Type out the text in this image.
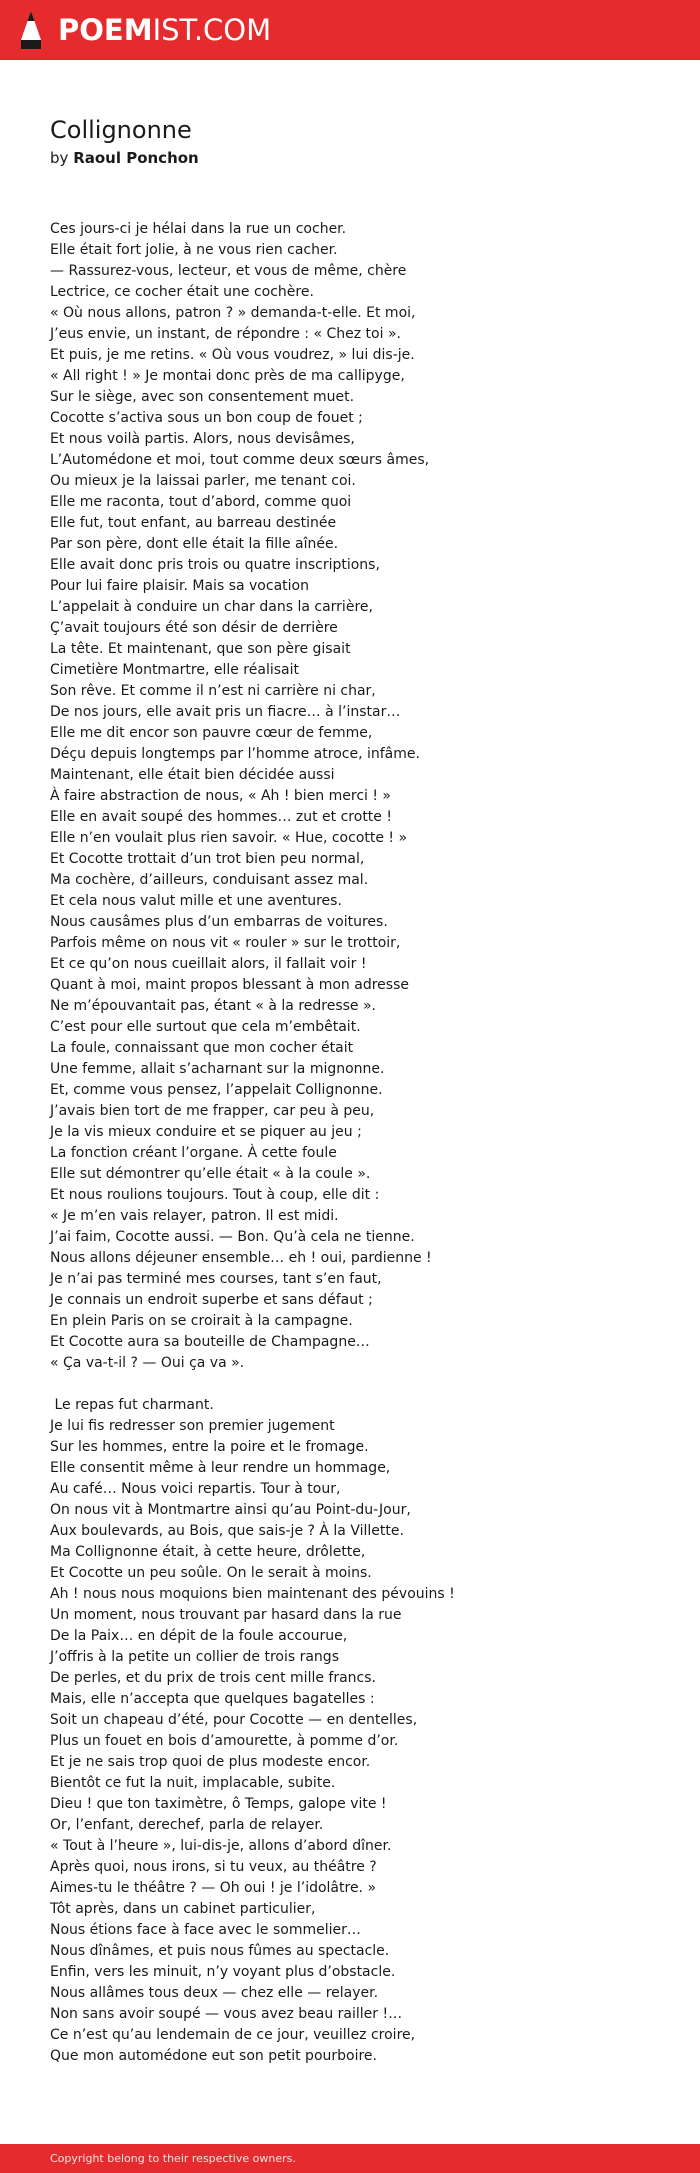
POEMIST.COM
Collignonne
by Raoul Ponchon
Ces jours-ci je hélai dans la rue un cocher.
Elle était fort jolie, à ne vous rien cacher.
— Rassurez-vous, lecteur, et vous de même, chère
Lectrice, ce cocher était une cochère.
« Où nous allons, patron ? » demanda-t-elle. Et moi,
J’eus envie, un instant, de répondre : « Chez toi ».
Et puis, je me retins. « Où vous voudrez, » lui dis-je.
« All right ! » Je montai donc près de ma callipyge,
Sur le siège, avec son consentement muet.
Cocotte s’activa sous un bon coup de fouet ;
Et nous voilà partis. Alors, nous devisâmes,
L’Automédone et moi, tout comme deux sœurs âmes,
Ou mieux je la laissai parler, me tenant coi.
Elle me raconta, tout d’abord, comme quoi
Elle fut, tout enfant, au barreau destinée
Par son père, dont elle était la fille aînée.
Elle avait donc pris trois ou quatre inscriptions,
Pour lui faire plaisir. Mais sa vocation
L’appelait à conduire un char dans la carrière,
Ç’avait toujours été son désir de derrière
La tête. Et maintenant, que son père gisait
Cimetière Montmartre, elle réalisait
Son rêve. Et comme il n’est ni carrière ni char,
De nos jours, elle avait pris un fiacre… à l’instar…
Elle me dit encor son pauvre cœur de femme,
Déçu depuis longtemps par l’homme atroce, infâme.
Maintenant, elle était bien décidée aussi
À faire abstraction de nous, « Ah ! bien merci ! »
Elle en avait soupé des hommes… zut et crotte !
Elle n’en voulait plus rien savoir. « Hue, cocotte ! »
Et Cocotte trottait d’un trot bien peu normal,
Ma cochère, d’ailleurs, conduisant assez mal.
Et cela nous valut mille et une aventures.
Nous causâmes plus d’un embarras de voitures.
Parfois même on nous vit « rouler » sur le trottoir,
Et ce qu’on nous cueillait alors, il fallait voir !
Quant à moi, maint propos blessant à mon adresse
Ne m’épouvantait pas, étant « à la redresse ».
C’est pour elle surtout que cela m’embêtait.
La foule, connaissant que mon cocher était
Une femme, allait s’acharnant sur la mignonne.
Et, comme vous pensez, l’appelait Collignonne.
J’avais bien tort de me frapper, car peu à peu,
Je la vis mieux conduire et se piquer au jeu ;
La fonction créant l’organe. À cette foule
Elle sut démontrer qu’elle était « à la coule ».
Et nous roulions toujours. Tout à coup, elle dit :
« Je m’en vais relayer, patron. Il est midi.
J’ai faim, Cocotte aussi. — Bon. Qu’à cela ne tienne.
Nous allons déjeuner ensemble… eh ! oui, pardienne !
Je n’ai pas terminé mes courses, tant s’en faut,
Je connais un endroit superbe et sans défaut ;
En plein Paris on se croirait à la campagne.
Et Cocotte aura sa bouteille de Champagne…
« Ça va-t-il ? — Oui ça va ».
Le repas fut charmant.
Je lui fis redresser son premier jugement
Sur les hommes, entre la poire et le fromage.
Elle consentit même à leur rendre un hommage,
Au café… Nous voici repartis. Tour à tour,
On nous vit à Montmartre ainsi qu’au Point-du-Jour,
Aux boulevards, au Bois, que sais-je ? À la Villette.
Ma Collignonne était, à cette heure, drôlette,
Et Cocotte un peu soûle. On le serait à moins.
Ah ! nous nous moquions bien maintenant des pévouins !
Un moment, nous trouvant par hasard dans la rue
De la Paix… en dépit de la foule accourue,
J’offris à la petite un collier de trois rangs
De perles, et du prix de trois cent mille francs.
Mais, elle n’accepta que quelques bagatelles :
Soit un chapeau d’été, pour Cocotte — en dentelles,
Plus un fouet en bois d’amourette, à pomme d’or.
Et je ne sais trop quoi de plus modeste encor.
Bientôt ce fut la nuit, implacable, subite.
Dieu ! que ton taximètre, ô Temps, galope vite !
Or, l’enfant, derechef, parla de relayer.
« Tout à l’heure », lui-dis-je, allons d’abord dîner.
Après quoi, nous irons, si tu veux, au théâtre ?
Aimes-tu le théâtre ? — Oh oui ! je l’idolâtre. »
Tôt après, dans un cabinet particulier,
Nous étions face à face avec le sommelier…
Nous dînâmes, et puis nous fûmes au spectacle.
Enfin, vers les minuit, n’y voyant plus d’obstacle.
Nous allâmes tous deux — chez elle — relayer.
Non sans avoir soupé — vous avez beau railler !…
Ce n’est qu’au lendemain de ce jour, veuillez croire,
Que mon automédone eut son petit pourboire.
Copyright belong to their respective owners.
